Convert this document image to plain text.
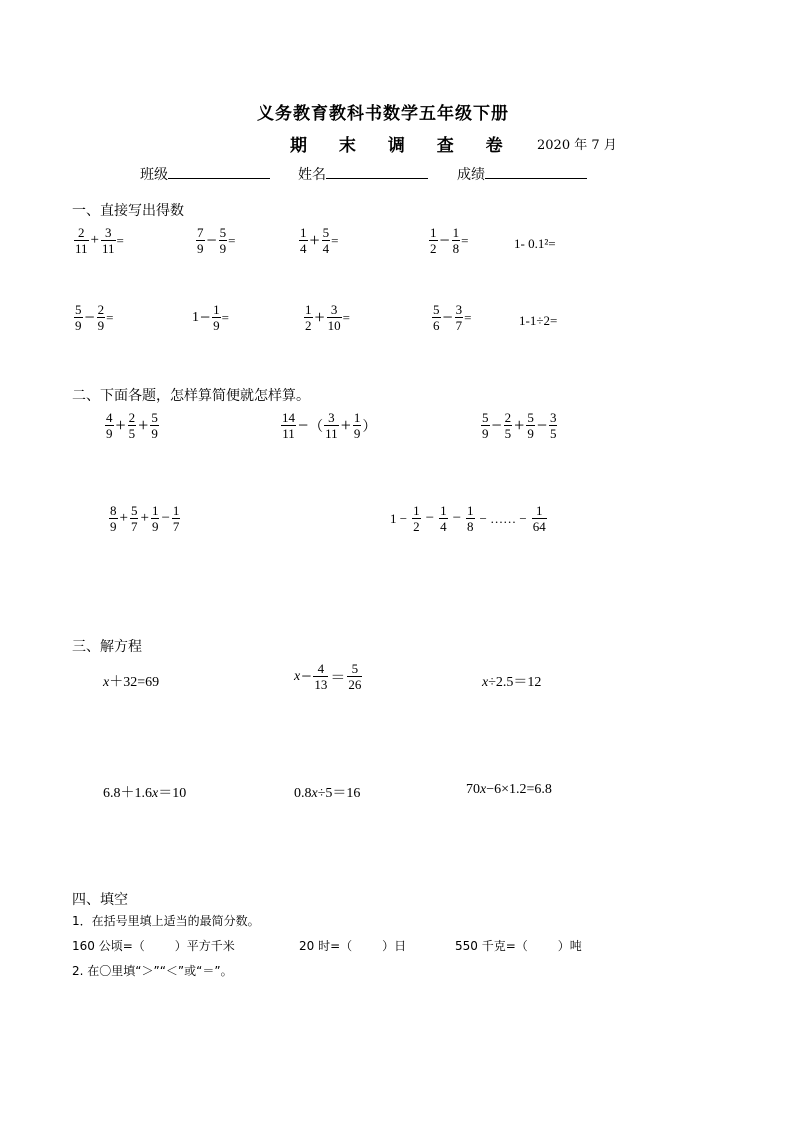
义务教育教科书数学五年级下册
期 末 调 查 卷	2020 年 7 月
班级	姓名	成绩
一、直接写出得数
$\frac{2}{11} + \frac{3}{11}$ =	$\frac{7}{9} - \frac{5}{9}$ =	$\frac{1}{4} + \frac{5}{4}$ =	$\frac{1}{2} - \frac{1}{8}$ =	1- 0.1²=
$\frac{5}{9} - \frac{2}{9}$ =	$1 - \frac{1}{9}$ =	$\frac{1}{2} + \frac{3}{10}$ =	$\frac{5}{6} - \frac{3}{7}$ =	1-1÷2=
二、下面各题，怎样算简便就怎样算。
$\frac{4}{9} + \frac{2}{5} + \frac{5}{9}$	$\frac{14}{11}$ − （ $\frac{3}{11} + \frac{1}{9}$ ）	$\frac{5}{9} - \frac{2}{5} + \frac{5}{9} - \frac{3}{5}$
$\frac{8}{9} + \frac{5}{7} + \frac{1}{9} - \frac{1}{7}$	$1 - \frac{1}{2} - \frac{1}{4} - \frac{1}{8}$ − …… − $\frac{1}{64}$
三、解方程
x＋32=69	$x - \frac{4}{13} = \frac{5}{26}$	x÷2.5＝12
6.8＋1.6x＝10	0.8x÷5＝16	70x−6×1.2=6.8
四、填空
1．在括号里填上适当的最简分数。
160 公顷=（	）平方千米	20 时=（	）日	550 千克=（	）吨
2. 在〇里填“＞”“＜”或“＝”。
